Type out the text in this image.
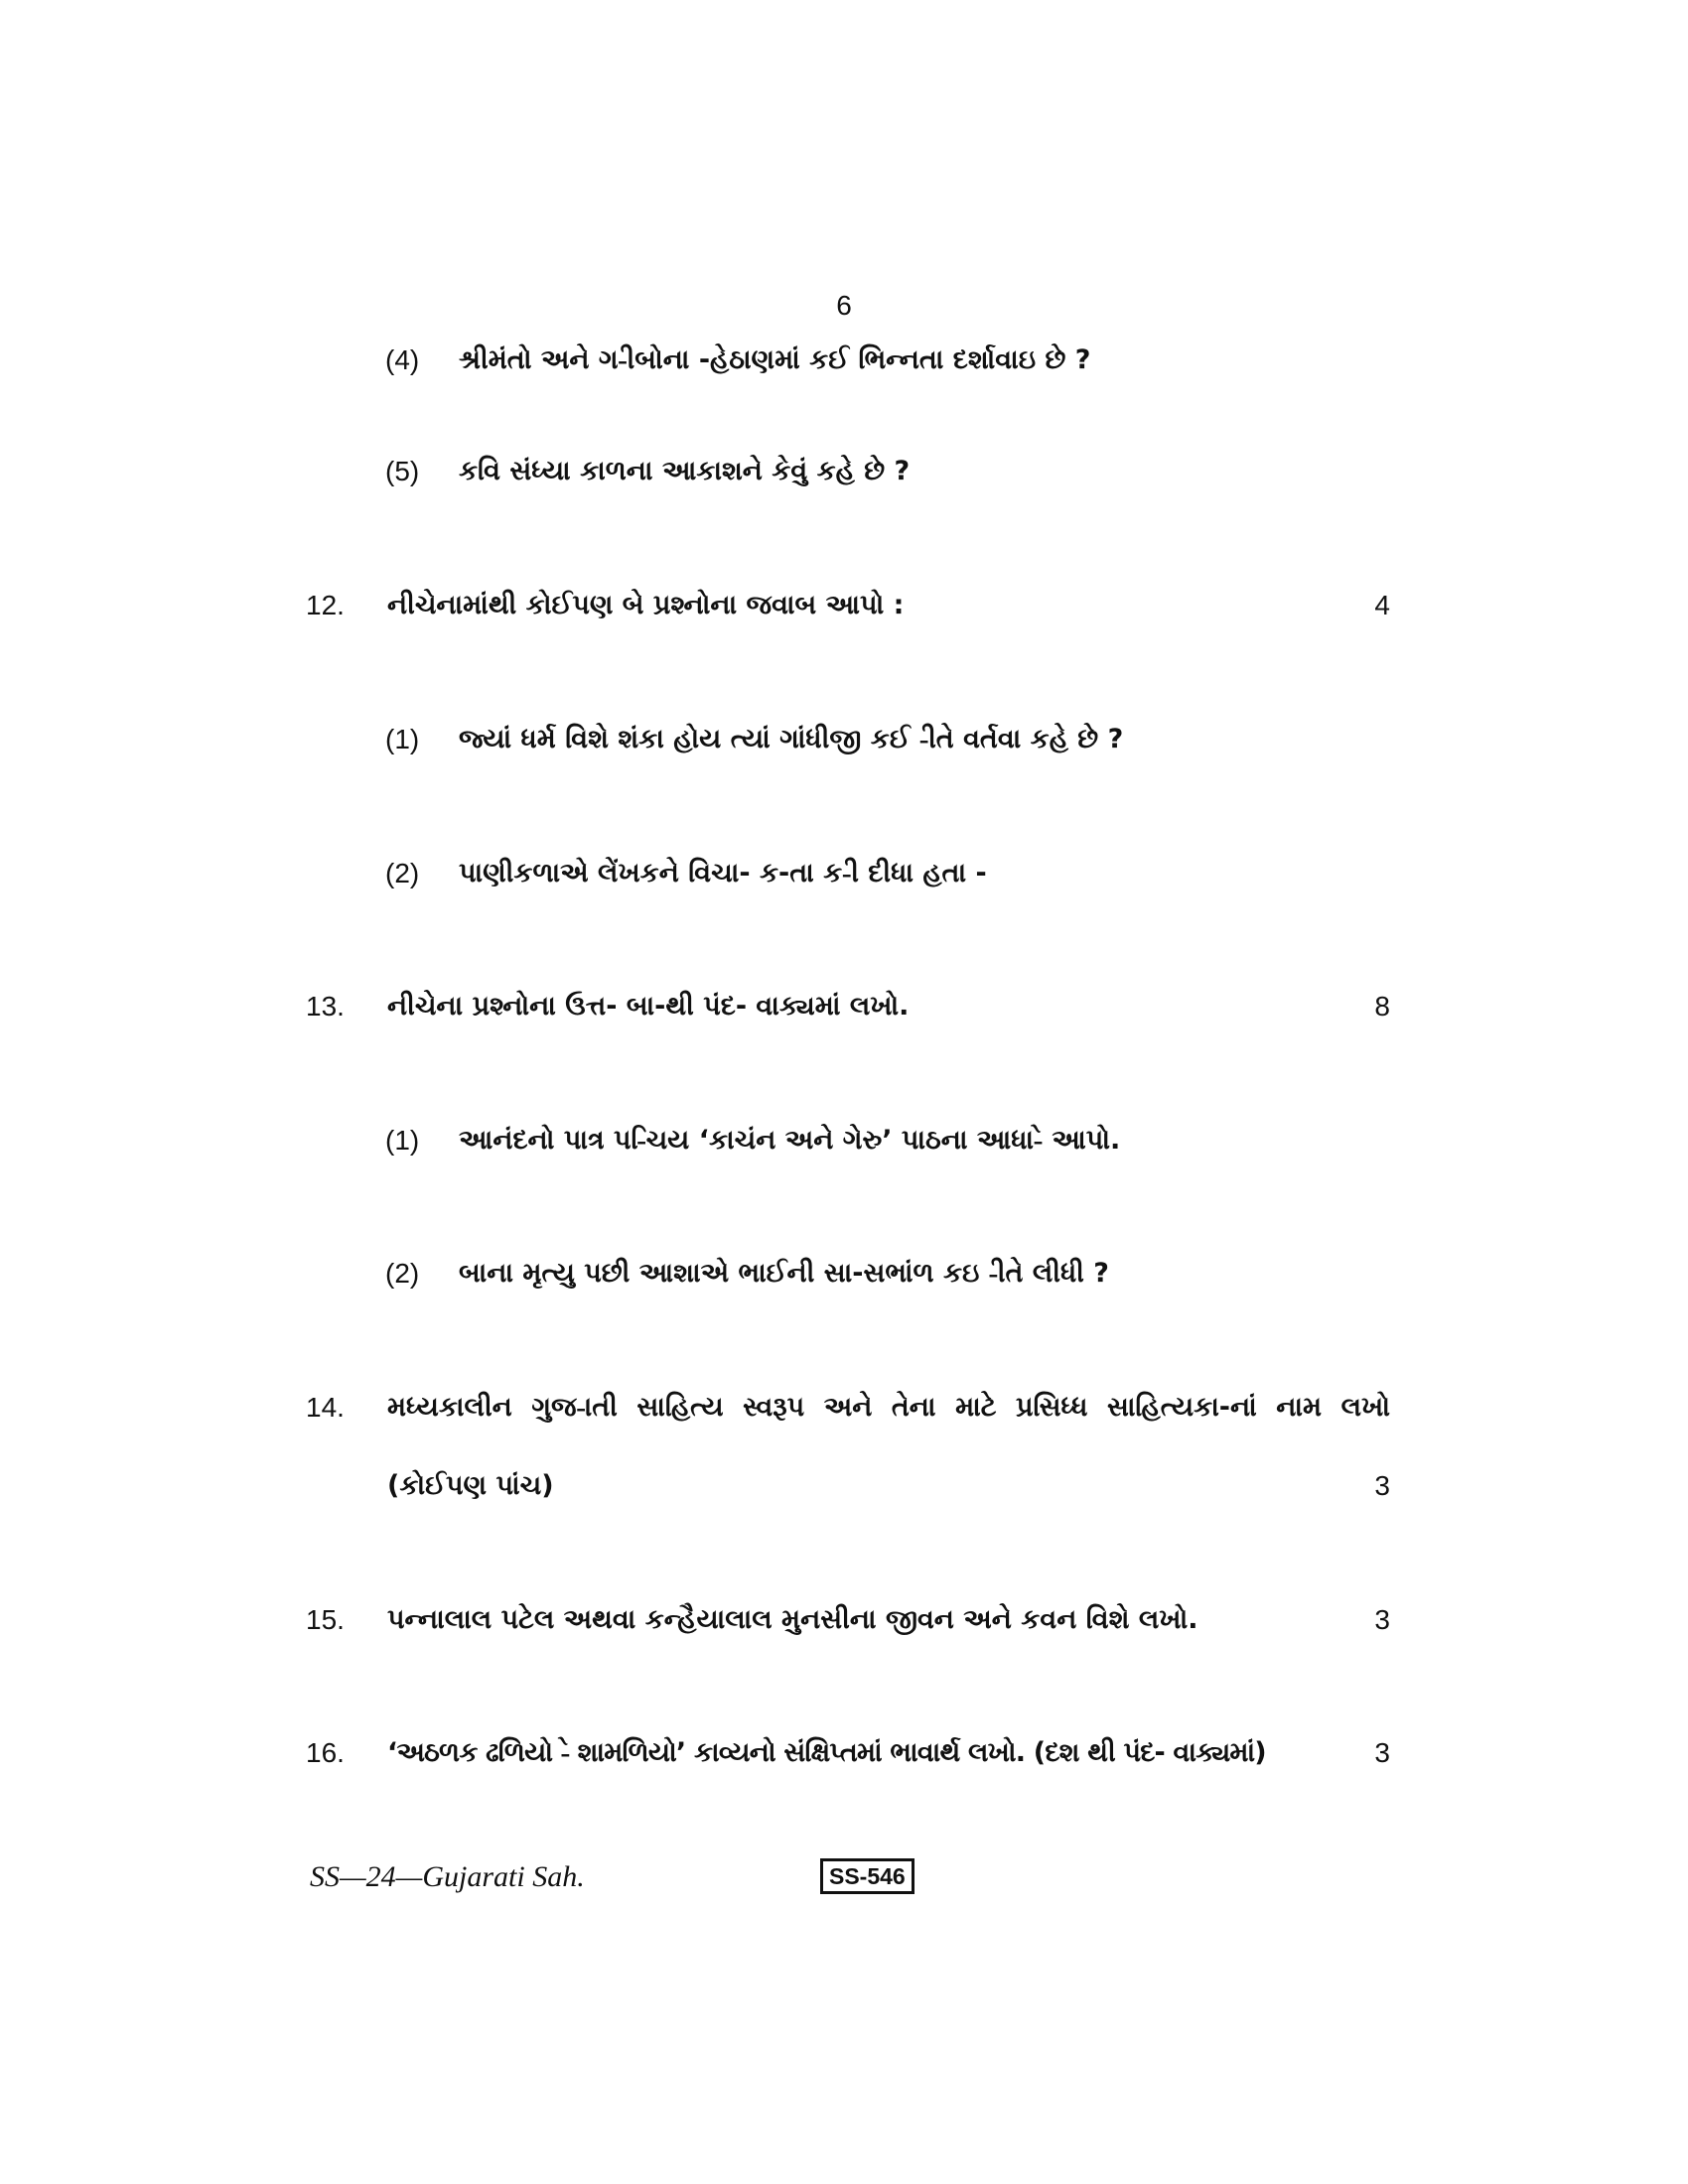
6
(4) શ્રીમંતો અને ગ-ીબોના -હેઠાણમાં કઈ ભિન્નતા દર્શાવાઇ છે ?
(5) કવિ સંધ્યા કાળના આકાશને કેવું કહે છે ?
12. નીચેનામાંથી કોઈપણ બે પ્રશ્નોના જવાબ આપો :	4
(1) જ્યાં ધર્મ વિશે શંકા હોય ત્યાં ગાંધીજી કઈ -ીતે વર્તવા કહે છે ?
(2) પાણીકળાએ લેંખકને વિચા- ક-તા ક-ી દીધા હતા -
13. નીચેના પ્રશ્નોના ઉત્ત- બા-થી પંદ- વાક્યમાં લખો.	8
(1) આનંદનો પાત્ર પ-િચય ‘કાચંન અને ગેરુ’ પાઠના આધા-ે આપો.
(2) બાના મૃત્યુ પછી આશાએ ભાઈની સા-સભાંળ કઇ -ીતે લીધી ?
14. મધ્યકાલીન ગુજ-ાતી સાહિત્ય સ્વરૂપ અને તેના માટે પ્રસિધ્ધ સાહિત્યકા-નાં નામ લખો
(કોઈપણ પાંચ)	3
15. પન્નાલાલ પટેલ અથવા કન્હૈયાલાલ મુનસીના જીવન અને કવન વિશે લખો.	3
16. ‘અઠળક ઢળિયો -ે શામળિયો’ કાવ્યનો સંક્ષિપ્તમાં ભાવાર્થ લખો. (દશ થી પંદ- વાક્યમાં)	3
SS—24—Gujarati Sah.	SS-546
